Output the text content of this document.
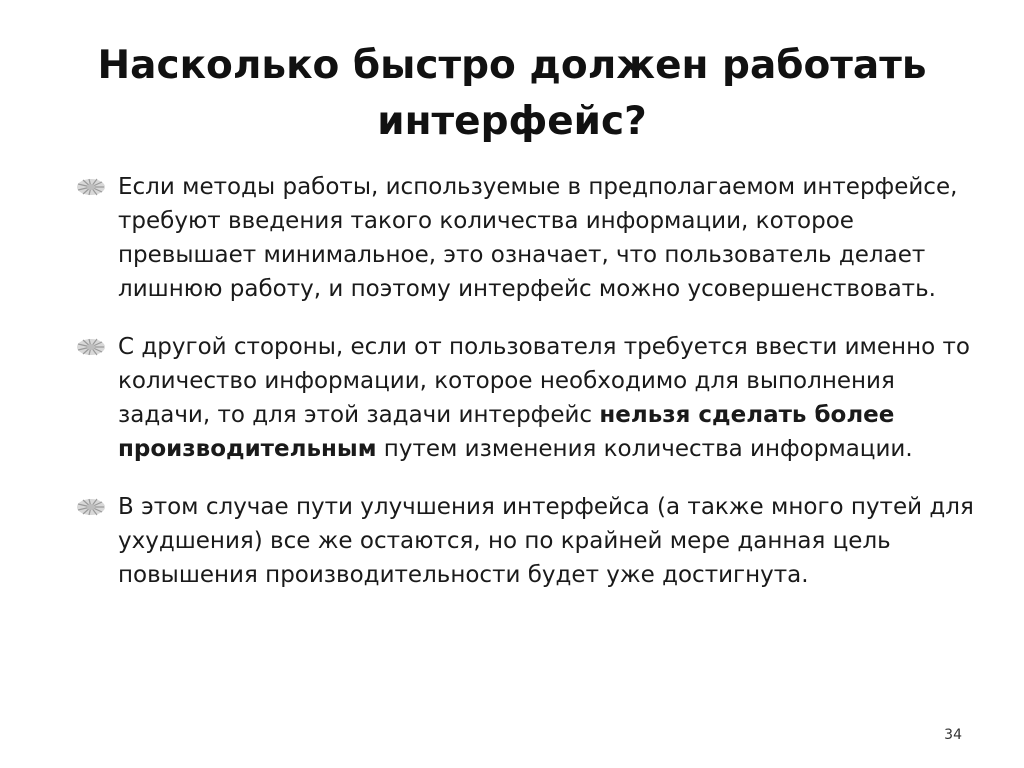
Насколько быстро должен работать интерфейс?
Если методы работы, используемые в предполагаемом интерфейсе, требуют введения такого количества информации, которое превышает минимальное, это означает, что пользователь делает лишнюю работу, и поэтому интерфейс можно усовершенствовать.
С другой стороны, если от пользователя требуется ввести именно то количество информации, которое необходимо для выполнения задачи, то для этой задачи интерфейс нельзя сделать более производительным путем изменения количества информации.
В этом случае пути улучшения интерфейса (а также много путей для ухудшения) все же остаются, но по крайней мере данная цель повышения производительности будет уже достигнута.
34
